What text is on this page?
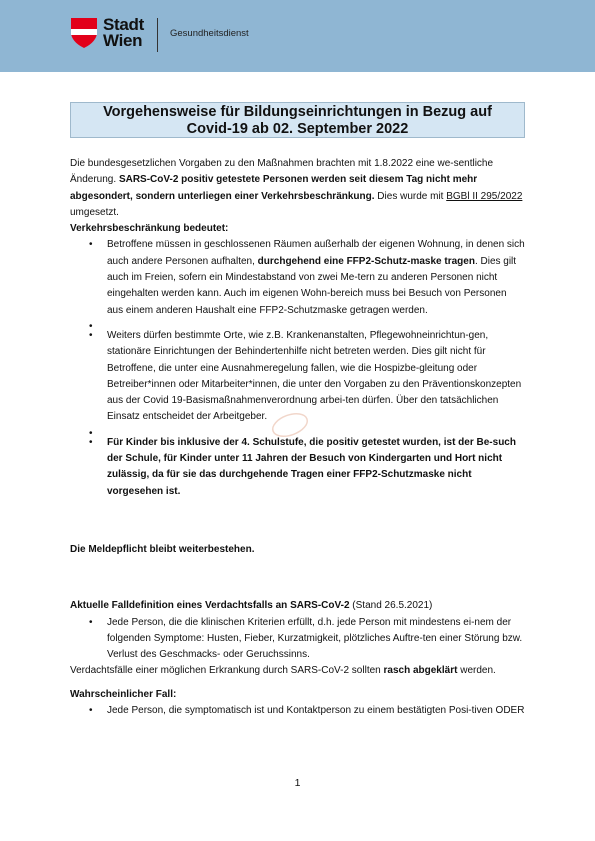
Stadt
Wien	Gesundheitsdienst
Vorgehensweise für Bildungseinrichtungen in Bezug auf
Covid-19 ab 02. September 2022

Die bundesgesetzlichen Vorgaben zu den Maßnahmen brachten mit 1.8.2022 eine we-sentliche Änderung. SARS-CoV-2 positiv getestete Personen werden seit diesem Tag nicht mehr abgesondert, sondern unterliegen einer Verkehrsbeschränkung. Dies wurde mit BGBl II 295/2022 umgesetzt.

Verkehrsbeschränkung bedeutet:

• Betroffene müssen in geschlossenen Räumen außerhalb der eigenen Wohnung, in denen sich auch andere Personen aufhalten, durchgehend eine FFP2-Schutz-maske tragen. Dies gilt auch im Freien, sofern ein Mindestabstand von zwei Me-tern zu anderen Personen nicht eingehalten werden kann. Auch im eigenen Wohn-bereich muss bei Besuch von Personen aus einem anderen Haushalt eine FFP2-Schutzmaske getragen werden.
•
• Weiters dürfen bestimmte Orte, wie z.B. Krankenanstalten, Pflegewohneinrichtun-gen, stationäre Einrichtungen der Behindertenhilfe nicht betreten werden. Dies gilt nicht für Betroffene, die unter eine Ausnahmeregelung fallen, wie die Hospizbe-gleitung oder Betreiber*innen oder Mitarbeiter*innen, die unter den Vorgaben zu den Präventionskonzepten aus der Covid 19-Basismaßnahmenverordnung arbei-ten dürfen. Über den tatsächlichen Einsatz entscheidet der Arbeitgeber.
•
• Für Kinder bis inklusive der 4. Schulstufe, die positiv getestet wurden, ist der Be-such der Schule, für Kinder unter 11 Jahren der Besuch von Kindergarten und Hort nicht zulässig, da für sie das durchgehende Tragen einer FFP2-Schutzmaske nicht vorgesehen ist.

Die Meldepflicht bleibt weiterbestehen.

Aktuelle Falldefinition eines Verdachtsfalls an SARS-CoV-2 (Stand 26.5.2021)

• Jede Person, die die klinischen Kriterien erfüllt, d.h. jede Person mit mindestens ei-nem der folgenden Symptome: Husten, Fieber, Kurzatmigkeit, plötzliches Auftre-ten einer Störung bzw. Verlust des Geschmacks- oder Geruchssinns.

Verdachtsfälle einer möglichen Erkrankung durch SARS-CoV-2 sollten rasch abgeklärt werden.

Wahrscheinlicher Fall:

• Jede Person, die symptomatisch ist und Kontaktperson zu einem bestätigten Posi-tiven ODER
1
